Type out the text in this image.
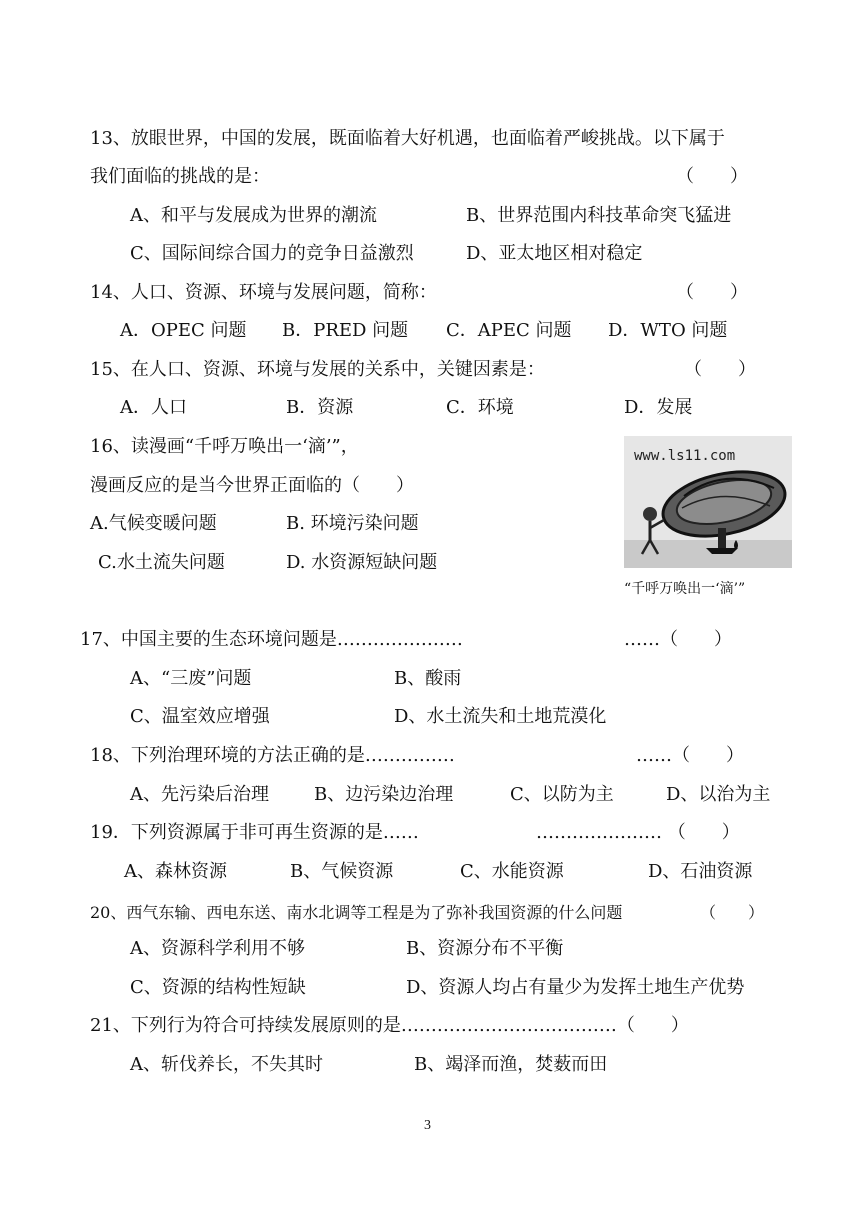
13、放眼世界，中国的发展，既面临着大好机遇，也面临着严峻挑战。以下属于
我们面临的挑战的是：	（　　）
A、和平与发展成为世界的潮流	B、世界范围内科技革命突飞猛进
C、国际间综合国力的竞争日益激烈	D、亚太地区相对稳定
14、人口、资源、环境与发展问题，简称：	（　　）
A．OPEC 问题 B．PRED 问题 C．APEC 问题 D．WTO 问题
15、在人口、资源、环境与发展的关系中，关键因素是：	（　　）
A．人口	B．资源	C．环境	D．发展
16、读漫画“千呼万唤出一‘滴’”，
漫画反应的是当今世界正面临的（　　）
A.气候变暖问题	B. 环境污染问题
C.水土流失问题	D. 水资源短缺问题
www.ls11.com
“千呼万唤出一‘滴’”
17、中国主要的生态环境问题是…………………	……（　　）
A、“三废”问题	B、酸雨
C、温室效应增强	D、水土流失和土地荒漠化
18、下列治理环境的方法正确的是……………	……（　　）
A、先污染后治理	B、边污染边治理	C、以防为主	D、以治为主
19．下列资源属于非可再生资源的是……	………………… （　　）
A、森林资源	B、气候资源	C、水能资源	D、石油资源
20、西气东输、西电东送、南水北调等工程是为了弥补我国资源的什么问题	（　　）
A、资源科学利用不够	B、资源分布不平衡
C、资源的结构性短缺	D、资源人均占有量少为发挥土地生产优势
21、下列行为符合可持续发展原则的是………………………………（　　）
A、斩伐养长，不失其时	B、竭泽而渔，焚薮而田
3
